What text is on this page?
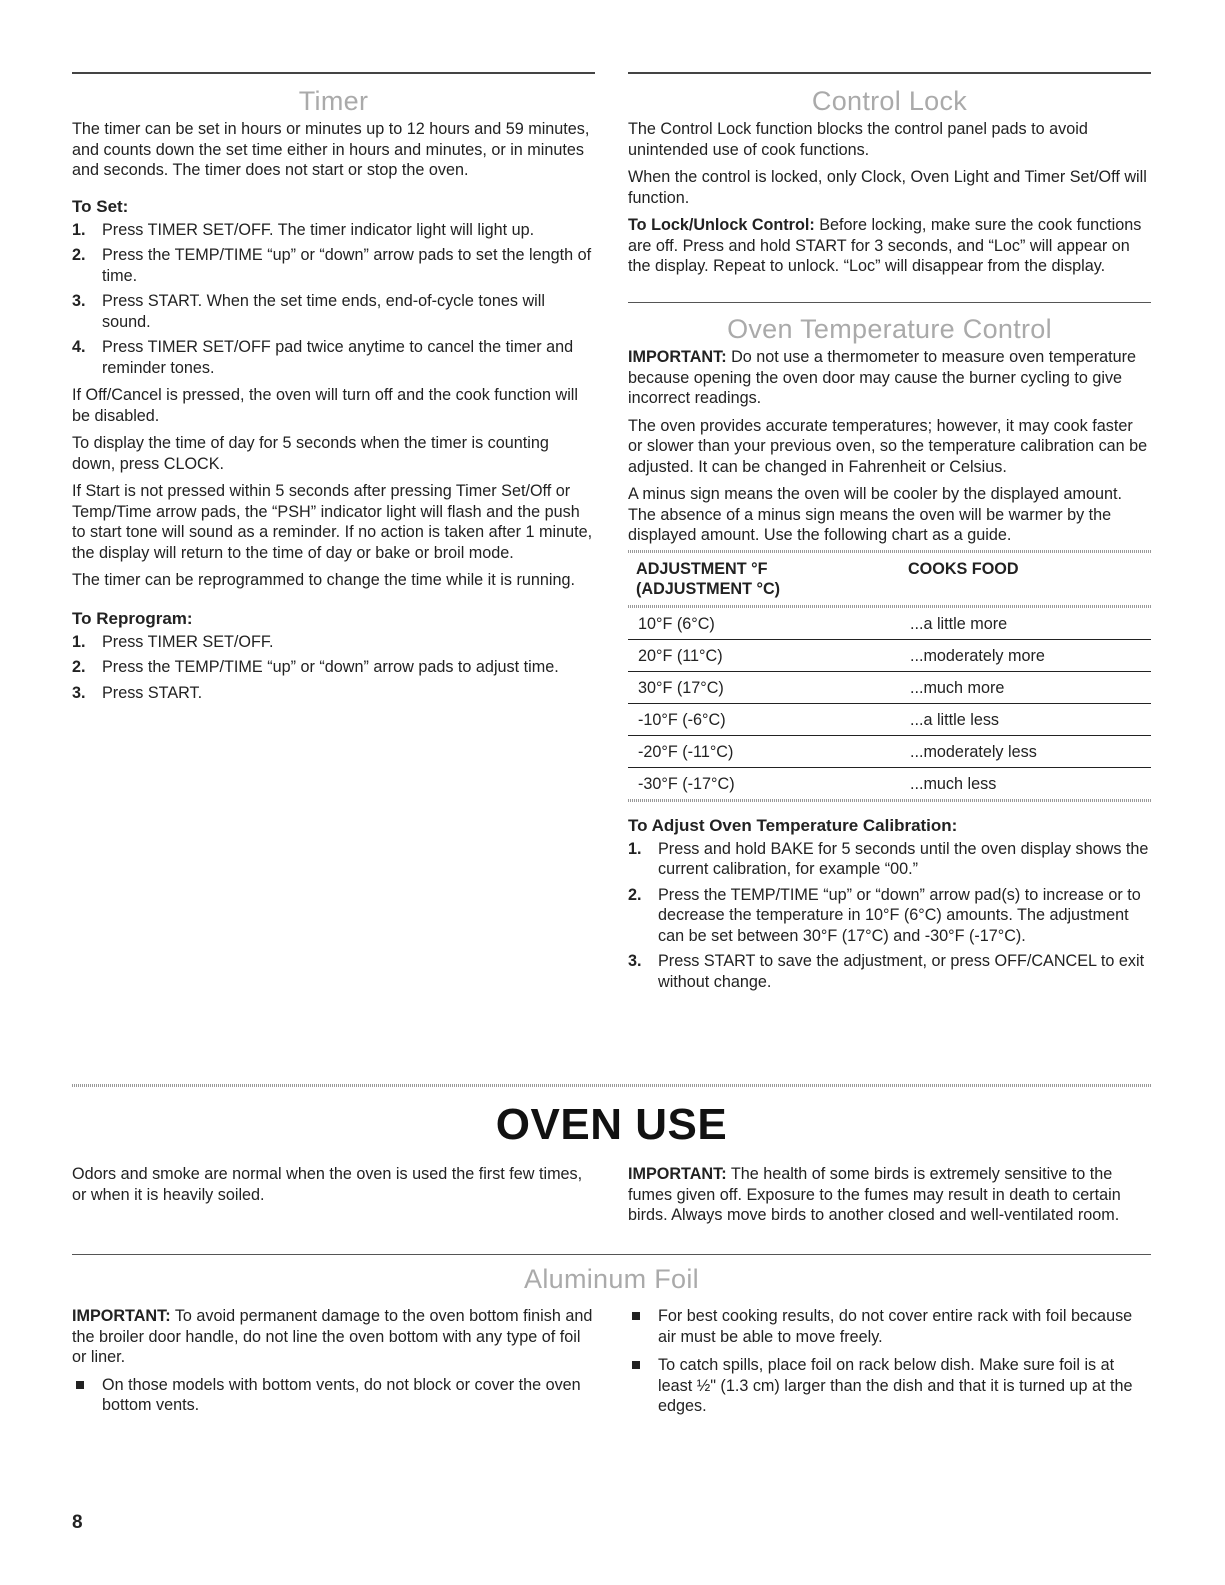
Timer

The timer can be set in hours or minutes up to 12 hours and 59 minutes, and counts down the set time either in hours and minutes, or in minutes and seconds. The timer does not start or stop the oven.

To Set:
1. Press TIMER SET/OFF. The timer indicator light will light up.
2. Press the TEMP/TIME “up” or “down” arrow pads to set the length of time.
3. Press START. When the set time ends, end-of-cycle tones will sound.
4. Press TIMER SET/OFF pad twice anytime to cancel the timer and reminder tones.

If Off/Cancel is pressed, the oven will turn off and the cook function will be disabled.

To display the time of day for 5 seconds when the timer is counting down, press CLOCK.

If Start is not pressed within 5 seconds after pressing Timer Set/Off or Temp/Time arrow pads, the “PSH” indicator light will flash and the push to start tone will sound as a reminder. If no action is taken after 1 minute, the display will return to the time of day or bake or broil mode.

The timer can be reprogrammed to change the time while it is running.

To Reprogram:
1. Press TIMER SET/OFF.
2. Press the TEMP/TIME “up” or “down” arrow pads to adjust time.
3. Press START.
Control Lock

The Control Lock function blocks the control panel pads to avoid unintended use of cook functions.

When the control is locked, only Clock, Oven Light and Timer Set/Off will function.

To Lock/Unlock Control: Before locking, make sure the cook functions are off. Press and hold START for 3 seconds, and “Loc” will appear on the display. Repeat to unlock. “Loc” will disappear from the display.

Oven Temperature Control

IMPORTANT: Do not use a thermometer to measure oven temperature because opening the oven door may cause the burner cycling to give incorrect readings.

The oven provides accurate temperatures; however, it may cook faster or slower than your previous oven, so the temperature calibration can be adjusted. It can be changed in Fahrenheit or Celsius.

A minus sign means the oven will be cooler by the displayed amount. The absence of a minus sign means the oven will be warmer by the displayed amount. Use the following chart as a guide.

ADJUSTMENT °F
(ADJUSTMENT °C)	COOKS FOOD

10°F (6°C)	...a little more
20°F (11°C)	...moderately more
30°F (17°C)	...much more
-10°F (-6°C)	...a little less
-20°F (-11°C)	...moderately less
-30°F (-17°C)	...much less
To Adjust Oven Temperature Calibration:
1. Press and hold BAKE for 5 seconds until the oven display shows the current calibration, for example “00.”
2. Press the TEMP/TIME “up” or “down” arrow pad(s) to increase or to decrease the temperature in 10°F (6°C) amounts. The adjustment can be set between 30°F (17°C) and -30°F (-17°C).
3. Press START to save the adjustment, or press OFF/CANCEL to exit without change.
OVEN USE

Odors and smoke are normal when the oven is used the first few times, or when it is heavily soiled.

IMPORTANT: The health of some birds is extremely sensitive to the fumes given off. Exposure to the fumes may result in death to certain birds. Always move birds to another closed and well-ventilated room.

Aluminum Foil

IMPORTANT: To avoid permanent damage to the oven bottom finish and the broiler door handle, do not line the oven bottom with any type of foil or liner.

On those models with bottom vents, do not block or cover the oven bottom vents.
For best cooking results, do not cover entire rack with foil because air must be able to move freely.
To catch spills, place foil on rack below dish. Make sure foil is at least ½" (1.3 cm) larger than the dish and that it is turned up at the edges.
8
